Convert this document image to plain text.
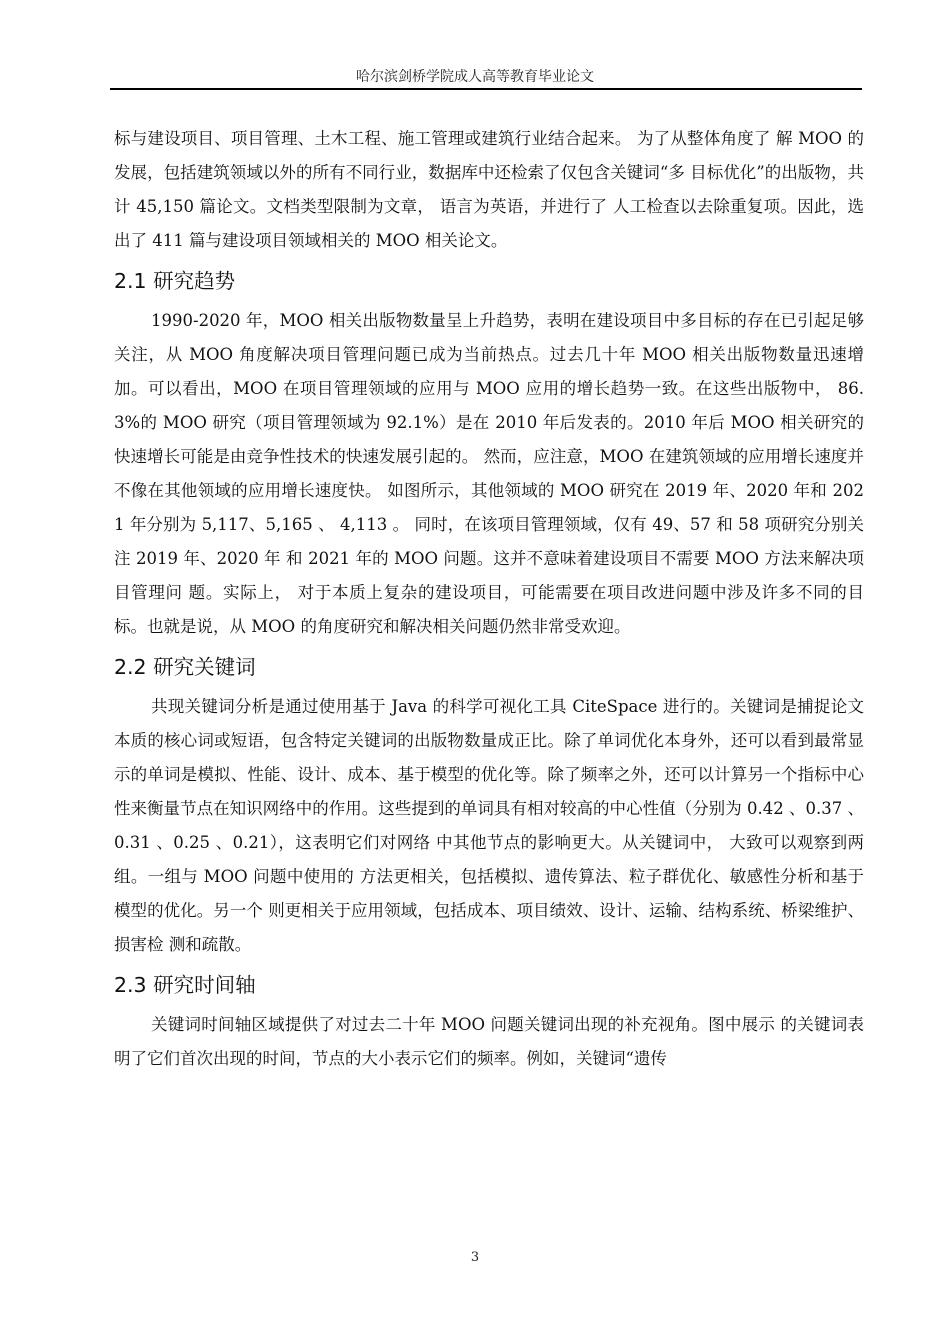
哈尔滨剑桥学院成人高等教育毕业论文

标与建设项目、项目管理、土木工程、施工管理或建筑行业结合起来。 为了从整体角度了 解 MOO 的发展，包括建筑领域以外的所有不同行业，数据库中还检索了仅包含关键词“多 目标优化”的出版物，共计 45,150 篇论文。文档类型限制为文章， 语言为英语，并进行了 人工检查以去除重复项。因此，选出了 411 篇与建设项目领域相关的 MOO 相关论文。

2.1 研究趋势

1990-2020 年，MOO 相关出版物数量呈上升趋势，表明在建设项目中多目标的存在已引起足够关注，从 MOO 角度解决项目管理问题已成为当前热点。过去几十年 MOO 相关出版物数量迅速增加。可以看出，MOO 在项目管理领域的应用与 MOO 应用的增长趋势一致。在这些出版物中， 86.3%的 MOO 研究（项目管理领域为 92.1%）是在 2010 年后发表的。2010 年后 MOO 相关研究的快速增长可能是由竞争性技术的快速发展引起的。 然而，应注意，MOO 在建筑领域的应用增长速度并不像在其他领域的应用增长速度快。 如图所示，其他领域的 MOO 研究在 2019 年、2020 年和 2021 年分别为 5,117、5,165 、 4,113 。 同时，在该项目管理领域，仅有 49、57 和 58 项研究分别关注 2019 年、2020 年 和 2021 年的 MOO 问题。这并不意味着建设项目不需要 MOO 方法来解决项目管理问 题。实际上， 对于本质上复杂的建设项目，可能需要在项目改进问题中涉及许多不同的目 标。也就是说，从 MOO 的角度研究和解决相关问题仍然非常受欢迎。

2.2 研究关键词

共现关键词分析是通过使用基于 Java 的科学可视化工具 CiteSpace 进行的。关键词是捕捉论文本质的核心词或短语，包含特定关键词的出版物数量成正比。除了单词优化本身外，还可以看到最常显示的单词是模拟、性能、设计、成本、基于模型的优化等。除了频率之外，还可以计算另一个指标中心性来衡量节点在知识网络中的作用。这些提到的单词具有相对较高的中心性值（分别为 0.42 、0.37 、0.31 、0.25 、0.21），这表明它们对网络 中其他节点的影响更大。从关键词中， 大致可以观察到两组。一组与 MOO 问题中使用的 方法更相关，包括模拟、遗传算法、粒子群优化、敏感性分析和基于模型的优化。另一个 则更相关于应用领域，包括成本、项目绩效、设计、运输、结构系统、桥梁维护、损害检 测和疏散。

2.3 研究时间轴

关键词时间轴区域提供了对过去二十年 MOO 问题关键词出现的补充视角。图中展示 的关键词表明了它们首次出现的时间，节点的大小表示它们的频率。例如，关键词“遗传

3
